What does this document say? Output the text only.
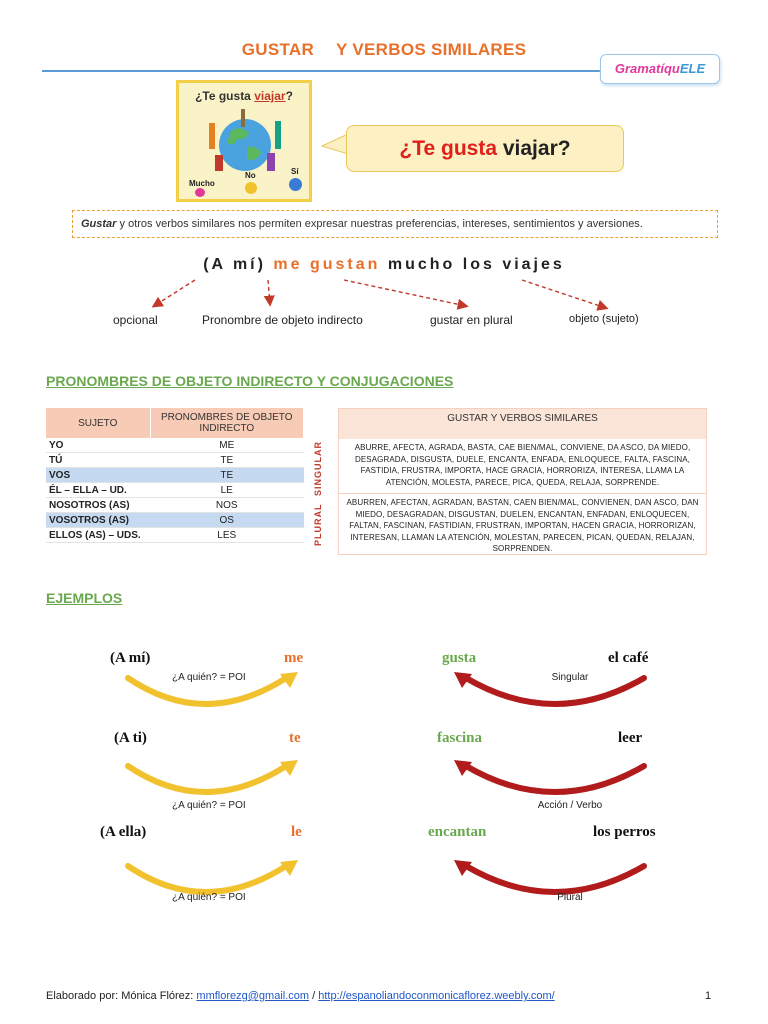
GUSTAR Y VERBOS SIMILARES
GramatíquELE
¿Te gusta viajar?
Mucho
No	Sí
¿Te gusta viajar?
Gustar y otros verbos similares nos permiten expresar nuestras preferencias, intereses, sentimientos y aversiones.
(A mí) me gustan mucho los viajes
opcional	Pronombre de objeto indirecto	gustar en plural	objeto (sujeto)
PRONOMBRES DE OBJETO INDIRECTO Y CONJUGACIONES
SUJETO	PRONOMBRES DE OBJETO INDIRECTO
YO	ME
TÚ	TE
VOS	TE
ÉL – ELLA – UD.	LE
NOSOTROS (AS)	NOS
VOSOTROS (AS)	OS
ELLOS (AS) – UDS.	LES
SINGULAR
PLURAL
GUSTAR Y VERBOS SIMILARES
ABURRE, AFECTA, AGRADA, BASTA, CAE BIEN/MAL, CONVIENE, DA ASCO, DA MIEDO, DESAGRADA, DISGUSTA, DUELE, ENCANTA, ENFADA, ENLOQUECE, FALTA, FASCINA, FASTIDIA, FRUSTRA, IMPORTA, HACE GRACIA, HORRORIZA, INTERESA, LLAMA LA ATENCIÓN, MOLESTA, PARECE, PICA, QUEDA, RELAJA, SORPRENDE.
ABURREN, AFECTAN, AGRADAN, BASTAN, CAEN BIEN/MAL, CONVIENEN, DAN ASCO, DAN MIEDO, DESAGRADAN, DISGUSTAN, DUELEN, ENCANTAN, ENFADAN, ENLOQUECEN, FALTAN, FASCINAN, FASTIDIAN, FRUSTRAN, IMPORTAN, HACEN GRACIA, HORRORIZAN, INTERESAN, LLAMAN LA ATENCIÓN, MOLESTAN, PARECEN, PICAN, QUEDAN, RELAJAN, SORPRENDEN.
EJEMPLOS
(A mí)	me	gusta	el café
¿A quién? = POI	Singular
(A ti)	te	fascina	leer
¿A quién? = POI	Acción / Verbo
(A ella)	le	encantan	los perros
¿A quién? = POI	Plural
Elaborado por: Mónica Flórez: mmflorezg@gmail.com / http://espanoliandoconmonicaflorez.weebly.com/	1
